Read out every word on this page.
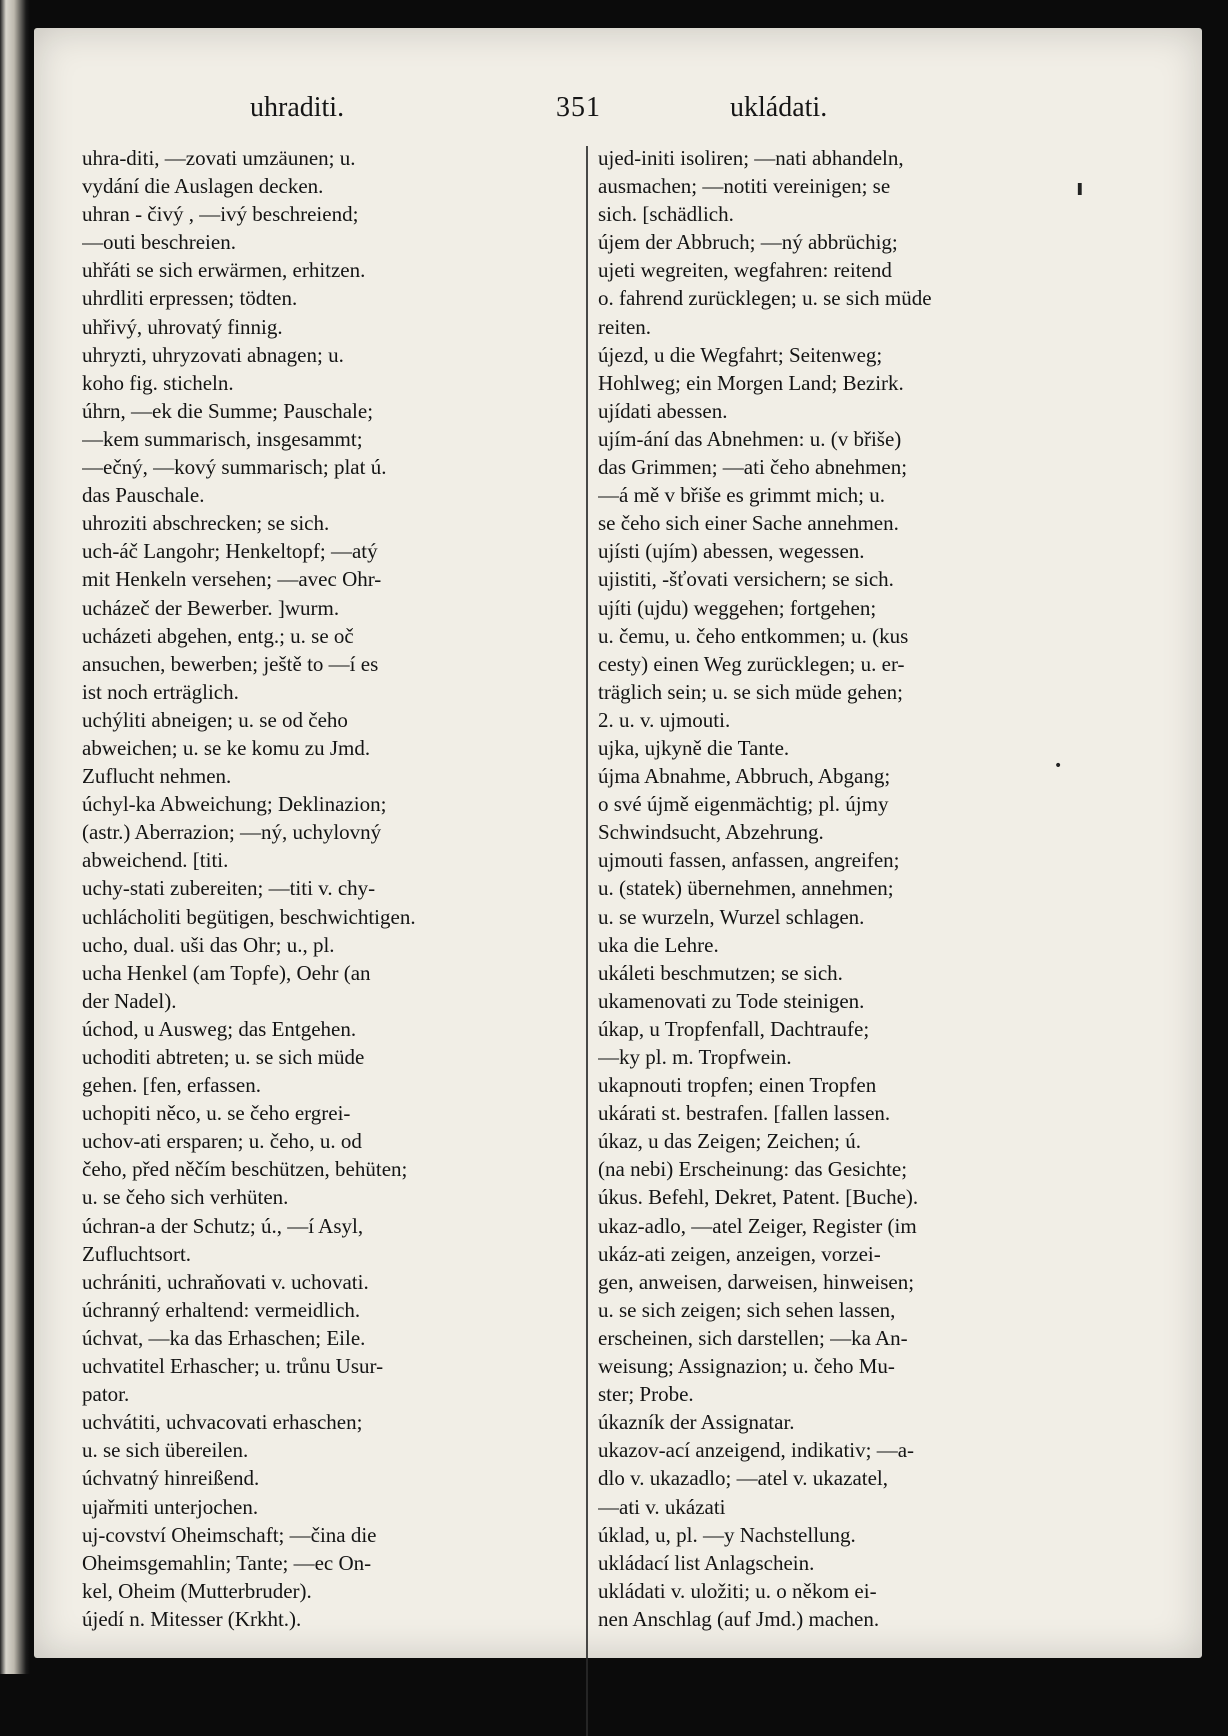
uhraditi.	351	ukládati.
uhra-diti, —zovati umzäunen; u.
vydání die Auslagen decken.
uhran - čivý , —ivý beschreiend;
—outi beschreien.
uhřáti se sich erwärmen, erhitzen.
uhrdliti erpressen; tödten.
uhřivý, uhrovatý finnig.
uhryzti, uhryzovati abnagen; u.
koho fig. sticheln.
úhrn, —ek die Summe; Pauschale;
—kem summarisch, insgesammt;
—ečný, —kový summarisch; plat ú.
das Pauschale.
uhroziti abschrecken; se sich.
uch-áč Langohr; Henkeltopf; —atý
mit Henkeln versehen; —avec Ohr-
ucházeč der Bewerber. ]wurm.
ucházeti abgehen, entg.; u. se oč
ansuchen, bewerben; ještě to —í es
ist noch erträglich.
uchýliti abneigen; u. se od čeho
abweichen; u. se ke komu zu Jmd.
Zuflucht nehmen.
úchyl-ka Abweichung; Deklinazion;
(astr.) Aberrazion; —ný, uchylovný
abweichend. [titi.
uchy-stati zubereiten; —titi v. chy-
uchlácholiti begütigen, beschwichtigen.
ucho, dual. uši das Ohr; u., pl.
ucha Henkel (am Topfe), Oehr (an
der Nadel).
úchod, u Ausweg; das Entgehen.
uchoditi abtreten; u. se sich müde
gehen. [fen, erfassen.
uchopiti něco, u. se čeho ergrei-
uchov-ati ersparen; u. čeho, u. od
čeho, před něčím beschützen, behüten;
u. se čeho sich verhüten.
úchran-a der Schutz; ú., —í Asyl,
Zufluchtsort.
uchrániti, uchraňovati v. uchovati.
úchranný erhaltend: vermeidlich.
úchvat, —ka das Erhaschen; Eile.
uchvatitel Erhascher; u. trůnu Usur-
pator.
uchvátiti, uchvacovati erhaschen;
u. se sich übereilen.
úchvatný hinreißend.
ujařmiti unterjochen.
uj-covství Oheimschaft; —čina die
Oheimsgemahlin; Tante; —ec On-
kel, Oheim (Mutterbruder).
újedí n. Mitesser (Krkht.).
ujed-initi isoliren; —nati abhandeln,
ausmachen; —notiti vereinigen; se
sich. [schädlich.
újem der Abbruch; —ný abbrüchig;
ujeti wegreiten, wegfahren: reitend
o. fahrend zurücklegen; u. se sich müde
reiten.
újezd, u die Wegfahrt; Seitenweg;
Hohlweg; ein Morgen Land; Bezirk.
ujídati abessen.
ujím-ání das Abnehmen: u. (v břiše)
das Grimmen; —ati čeho abnehmen;
—á mě v břiše es grimmt mich; u.
se čeho sich einer Sache annehmen.
ujísti (ujím) abessen, wegessen.
ujistiti, -šťovati versichern; se sich.
ujíti (ujdu) weggehen; fortgehen;
u. čemu, u. čeho entkommen; u. (kus
cesty) einen Weg zurücklegen; u. er-
träglich sein; u. se sich müde gehen;
2. u. v. ujmouti.
ujka, ujkyně die Tante.
újma Abnahme, Abbruch, Abgang;
o své újmě eigenmächtig; pl. újmy
Schwindsucht, Abzehrung.
ujmouti fassen, anfassen, angreifen;
u. (statek) übernehmen, annehmen;
u. se wurzeln, Wurzel schlagen.
uka die Lehre.
ukáleti beschmutzen; se sich.
ukamenovati zu Tode steinigen.
úkap, u Tropfenfall, Dachtraufe;
—ky pl. m. Tropfwein.
ukapnouti tropfen; einen Tropfen
ukárati st. bestrafen. [fallen lassen.
úkaz, u das Zeigen; Zeichen; ú.
(na nebi) Erscheinung: das Gesichte;
úkus. Befehl, Dekret, Patent. [Buche).
ukaz-adlo, —atel Zeiger, Register (im
ukáz-ati zeigen, anzeigen, vorzei-
gen, anweisen, darweisen, hinweisen;
u. se sich zeigen; sich sehen lassen,
erscheinen, sich darstellen; —ka An-
weisung; Assignazion; u. čeho Mu-
ster; Probe.
úkazník der Assignatar.
ukazov-ací anzeigend, indikativ; —a-
dlo v. ukazadlo; —atel v. ukazatel,
—ati v. ukázati
úklad, u, pl. —y Nachstellung.
ukládací list Anlagschein.
ukládati v. uložiti; u. o někom ei-
nen Anschlag (auf Jmd.) machen.
•
ı
